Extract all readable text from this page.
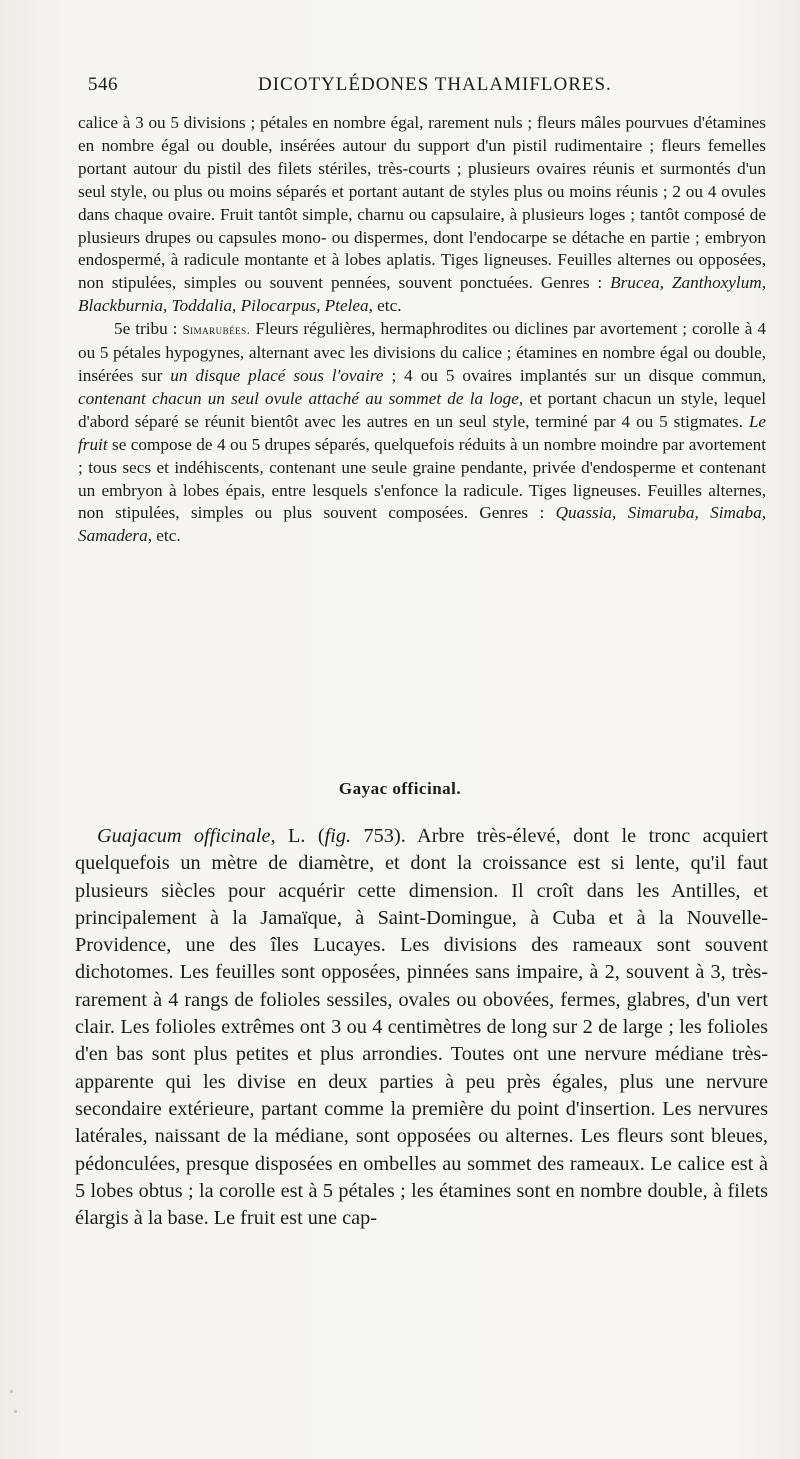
546	DICOTYLÉDONES THALAMIFLORES.

calice à 3 ou 5 divisions ; pétales en nombre égal, rarement nuls ; fleurs mâles pourvues d'étamines en nombre égal ou double, insérées autour du support d'un pistil rudimentaire ; fleurs femelles portant autour du pistil des filets stériles, très-courts ; plusieurs ovaires réunis et surmontés d'un seul style, ou plus ou moins séparés et portant autant de styles plus ou moins réunis ; 2 ou 4 ovules dans chaque ovaire. Fruit tantôt simple, charnu ou capsulaire, à plusieurs loges ; tantôt composé de plusieurs drupes ou capsules mono- ou dispermes, dont l'endocarpe se détache en partie ; embryon endospermé, à radicule montante et à lobes aplatis. Tiges ligneuses. Feuilles alternes ou opposées, non stipulées, simples ou souvent pennées, souvent ponctuées. Genres : Brucea, Zanthoxylum, Blackburnia, Toddalia, Pilocarpus, Ptelea, etc.

5e tribu : Simarubées. Fleurs régulières, hermaphrodites ou diclines par avortement ; corolle à 4 ou 5 pétales hypogynes, alternant avec les divisions du calice ; étamines en nombre égal ou double, insérées sur un disque placé sous l'ovaire ; 4 ou 5 ovaires implantés sur un disque commun, contenant chacun un seul ovule attaché au sommet de la loge, et portant chacun un style, lequel d'abord séparé se réunit bientôt avec les autres en un seul style, terminé par 4 ou 5 stigmates. Le fruit se compose de 4 ou 5 drupes séparés, quelquefois réduits à un nombre moindre par avortement ; tous secs et indéhiscents, contenant une seule graine pendante, privée d'endosperme et contenant un embryon à lobes épais, entre lesquels s'enfonce la radicule. Tiges ligneuses. Feuilles alternes, non stipulées, simples ou plus souvent composées. Genres : Quassia, Simaruba, Simaba, Samadera, etc.

Gayac officinal.

Guajacum officinale, L. (fig. 753). Arbre très-élevé, dont le tronc acquiert quelquefois un mètre de diamètre, et dont la croissance est si lente, qu'il faut plusieurs siècles pour acquérir cette dimension. Il croît dans les Antilles, et principalement à la Jamaïque, à Saint-Domingue, à Cuba et à la Nouvelle-Providence, une des îles Lucayes. Les divisions des rameaux sont souvent dichotomes. Les feuilles sont opposées, pinnées sans impaire, à 2, souvent à 3, très-rarement à 4 rangs de folioles sessiles, ovales ou obovées, fermes, glabres, d'un vert clair. Les folioles extrêmes ont 3 ou 4 centimètres de long sur 2 de large ; les folioles d'en bas sont plus petites et plus arrondies. Toutes ont une nervure médiane très-apparente qui les divise en deux parties à peu près égales, plus une nervure secondaire extérieure, partant comme la première du point d'insertion. Les nervures latérales, naissant de la médiane, sont opposées ou alternes. Les fleurs sont bleues, pédonculées, presque disposées en ombelles au sommet des rameaux. Le calice est à 5 lobes obtus ; la corolle est à 5 pétales ; les étamines sont en nombre double, à filets élargis à la base. Le fruit est une cap-
